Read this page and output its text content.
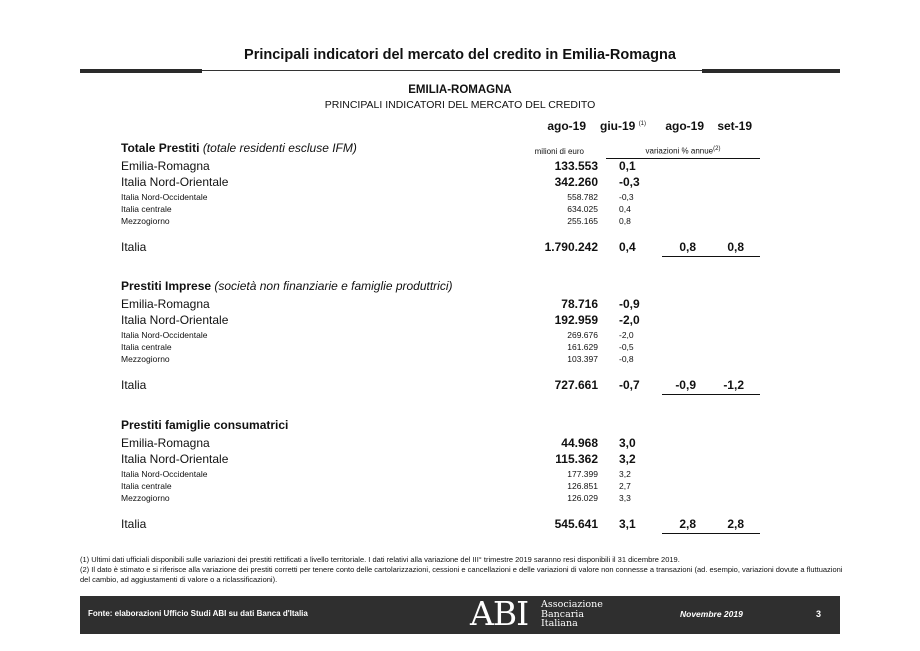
Principali indicatori del mercato del credito in Emilia-Romagna
EMILIA-ROMAGNA
PRINCIPALI INDICATORI DEL MERCATO DEL CREDITO
ago-19 giu-19 $^{(1)}$	ago-19	set-19
milioni di euro	variazioni % annue$^{(2)}$
Totale Prestiti (totale residenti escluse IFM)
Emilia-Romagna	133.553 0,1
Italia Nord-Orientale	342.260 -0,3
Italia Nord-Occidentale	558.782 -0,3
Italia centrale	634.025 0,4
Mezzogiorno	255.165 0,8
Italia	1.790.242 0,4	0,8	0,8
Prestiti Imprese (società non finanziarie e famiglie produttrici)
Emilia-Romagna	78.716 -0,9
Italia Nord-Orientale	192.959 -2,0
Italia Nord-Occidentale	269.676 -2,0
Italia centrale	161.629 -0,5
Mezzogiorno	103.397 -0,8
Italia	727.661 -0,7	-0,9	-1,2
Prestiti famiglie consumatrici
Emilia-Romagna	44.968 3,0
Italia Nord-Orientale	115.362 3,2
Italia Nord-Occidentale	177.399 3,2
Italia centrale	126.851 2,7
Mezzogiorno	126.029 3,3
Italia	545.641 3,1	2,8	2,8
(1) Ultimi dati ufficiali disponibili sulle variazioni dei prestiti rettificati a livello territoriale. I dati relativi alla variazione del III° trimestre 2019 saranno resi disponibili il 31 dicembre 2019.
(2) Il dato è stimato e si riferisce alla variazione dei prestiti corretti per tenere conto delle cartolarizzazioni, cessioni e cancellazioni e delle variazioni di valore non connesse a transazioni (ad. esempio, variazioni dovute a fluttuazioni del cambio, ad aggiustamenti di valore o a riclassificazioni).
Fonte: elaborazioni Ufficio Studi ABI su dati Banca d'Italia	ABI Associazione
Bancaria
Italiana
Novembre 2019	3
